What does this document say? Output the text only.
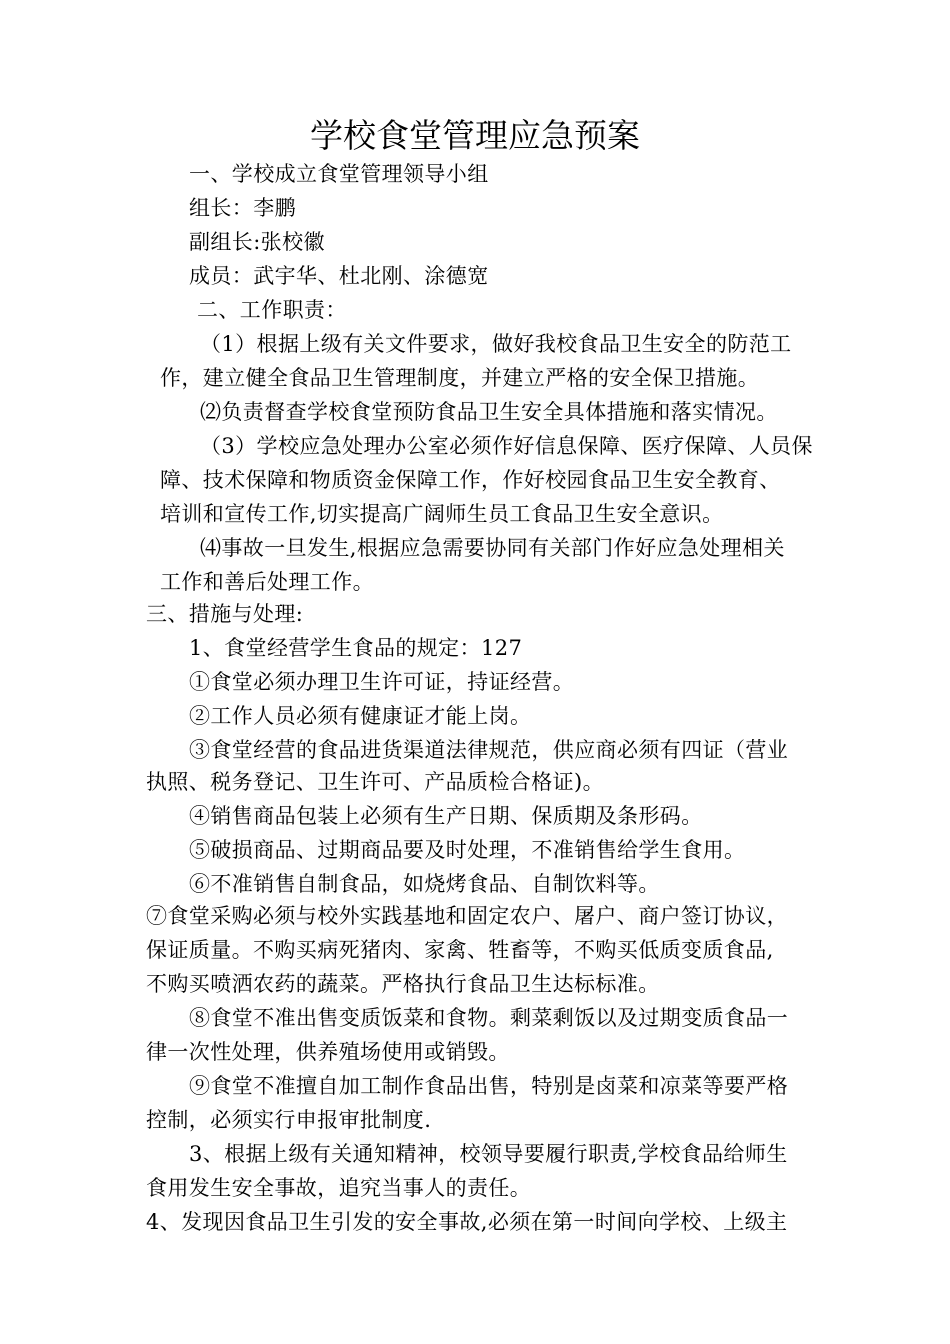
学校食堂管理应急预案
一、学校成立食堂管理领导小组
组长：李鹏
副组长:张校徽
成员：武宇华、杜北刚、涂德宽
二、工作职责：
（1）根据上级有关文件要求，做好我校食品卫生安全的防范工
作，建立健全食品卫生管理制度，并建立严格的安全保卫措施。
⑵负责督查学校食堂预防食品卫生安全具体措施和落实情况。
（3）学校应急处理办公室必须作好信息保障、医疗保障、人员保
障、技术保障和物质资金保障工作，作好校园食品卫生安全教育、
培训和宣传工作,切实提高广阔师生员工食品卫生安全意识。
⑷事故一旦发生,根据应急需要协同有关部门作好应急处理相关
工作和善后处理工作。
三、措施与处理:
1、食堂经营学生食品的规定：127
①食堂必须办理卫生许可证，持证经营。
②工作人员必须有健康证才能上岗。
③食堂经营的食品进货渠道法律规范，供应商必须有四证（营业
执照、税务登记、卫生许可、产品质检合格证)。
④销售商品包装上必须有生产日期、保质期及条形码。
⑤破损商品、过期商品要及时处理，不准销售给学生食用。
⑥不准销售自制食品，如烧烤食品、自制饮料等。
⑦食堂采购必须与校外实践基地和固定农户、屠户、商户签订协议，
保证质量。不购买病死猪肉、家禽、牲畜等，不购买低质变质食品,
不购买喷洒农药的蔬菜。严格执行食品卫生达标标准。
⑧食堂不准出售变质饭菜和食物。剩菜剩饭以及过期变质食品一
律一次性处理，供养殖场使用或销毁。
⑨食堂不准擅自加工制作食品出售，特别是卤菜和凉菜等要严格
控制，必须实行申报审批制度.
3、根据上级有关通知精神，校领导要履行职责,学校食品给师生
食用发生安全事故，追究当事人的责任。
4、发现因食品卫生引发的安全事故,必须在第一时间向学校、上级主
